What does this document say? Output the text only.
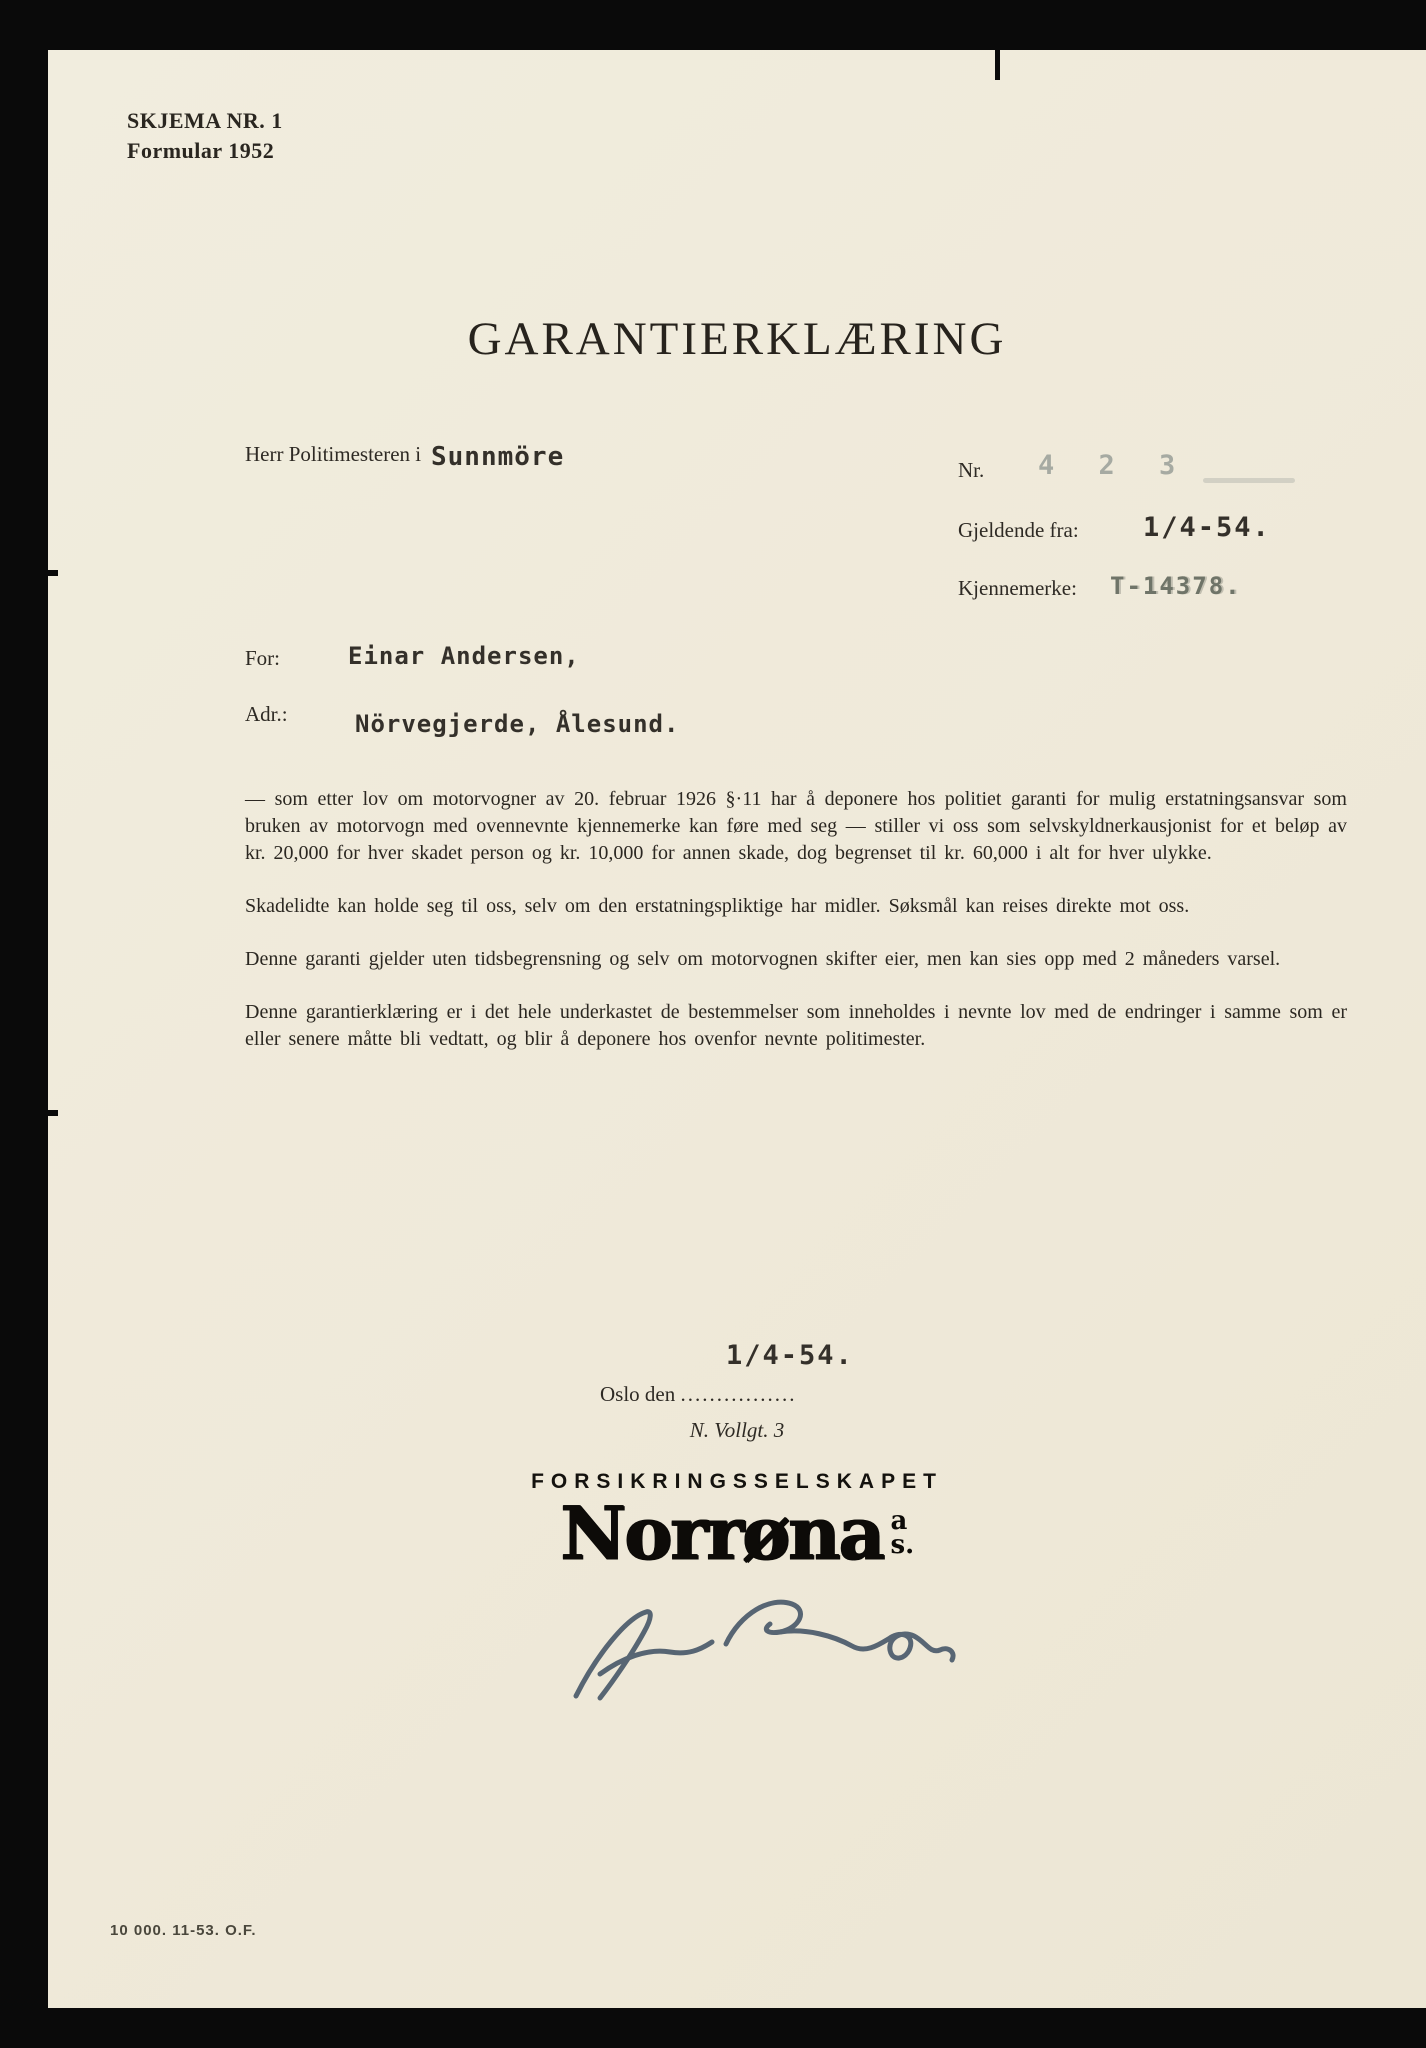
SKJEMA NR. 1
Formular 1952
GARANTIERKLÆRING
Herr Politimesteren i Sunnmöre	Nr. 4 2 3
Gjeldende fra: 1/4-54.
Kjennemerke: T-14378.
For:	Einar Andersen,
Adr.:	Nörvegjerde, Ålesund.

— som etter lov om motorvogner av 20. februar 1926 §·11 har å deponere hos politiet garanti for mulig erstatningsansvar som bruken av motorvogn med ovennevnte kjennemerke kan føre med seg — stiller vi oss som selvskyldnerkausjonist for et beløp av kr. 20,000 for hver skadet person og kr. 10,000 for annen skade, dog begrenset til kr. 60,000 i alt for hver ulykke.

Skadelidte kan holde seg til oss, selv om den erstatningspliktige har midler. Søksmål kan reises direkte mot oss.

Denne garanti gjelder uten tidsbegrensning og selv om motorvognen skifter eier, men kan sies opp med 2 måneders varsel.

Denne garantierklæring er i det hele underkastet de bestemmelser som inneholdes i nevnte lov med de endringer i samme som er eller senere måtte bli vedtatt, og blir å deponere hos ovenfor nevnte politimester.

1/4-54.
Oslo den ................
N. Vollgt. 3
FORSIKRINGSSELSKAPET
Norrøna a
s.
10 000. 11-53. O.F.
